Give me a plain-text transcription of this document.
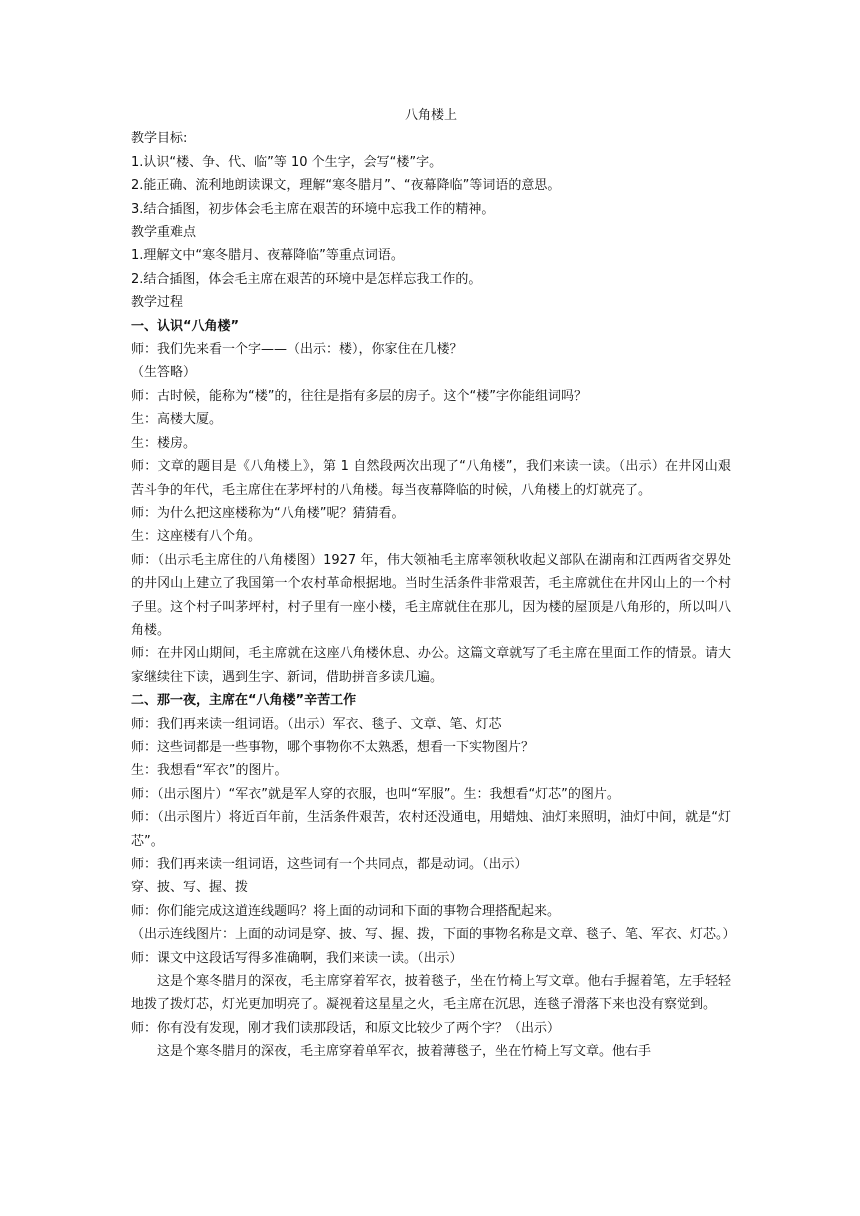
八角楼上
教学目标:
1.认识“楼、争、代、临”等 10 个生字，会写“楼”字。
2.能正确、流利地朗读课文，理解“寒冬腊月”、“夜幕降临”等词语的意思。
3.结合插图，初步体会毛主席在艰苦的环境中忘我工作的精神。
教学重难点
1.理解文中“寒冬腊月、夜幕降临”等重点词语。
2.结合插图，体会毛主席在艰苦的环境中是怎样忘我工作的。
教学过程
一、认识“八角楼”
师：我们先来看一个字——（出示：楼），你家住在几楼？
（生答略）
师：古时候，能称为“楼”的，往往是指有多层的房子。这个“楼”字你能组词吗？
生：高楼大厦。
生：楼房。
师：文章的题目是《八角楼上》，第 1 自然段两次出现了“八角楼”，我们来读一读。（出示）在井冈山艰苦斗争的年代，毛主席住在茅坪村的八角楼。每当夜幕降临的时候，八角楼上的灯就亮了。
师：为什么把这座楼称为“八角楼”呢？猜猜看。
生：这座楼有八个角。
师：（出示毛主席住的八角楼图）1927 年，伟大领袖毛主席率领秋收起义部队在湖南和江西两省交界处的井冈山上建立了我国第一个农村革命根据地。当时生活条件非常艰苦，毛主席就住在井冈山上的一个村子里。这个村子叫茅坪村，村子里有一座小楼，毛主席就住在那儿，因为楼的屋顶是八角形的，所以叫八角楼。
师：在井冈山期间，毛主席就在这座八角楼休息、办公。这篇文章就写了毛主席在里面工作的情景。请大家继续往下读，遇到生字、新词，借助拼音多读几遍。
二、那一夜，主席在“八角楼”辛苦工作
师：我们再来读一组词语。（出示）军衣、毯子、文章、笔、灯芯
师：这些词都是一些事物，哪个事物你不太熟悉，想看一下实物图片？
生：我想看“军衣”的图片。
师：（出示图片）“军衣”就是军人穿的衣服，也叫“军服”。生：我想看“灯芯”的图片。
师：（出示图片）将近百年前，生活条件艰苦，农村还没通电，用蜡烛、油灯来照明，油灯中间，就是“灯芯”。
师：我们再来读一组词语，这些词有一个共同点，都是动词。（出示）
穿、披、写、握、拨
师：你们能完成这道连线题吗？将上面的动词和下面的事物合理搭配起来。
（出示连线图片：上面的动词是穿、披、写、握、拨，下面的事物名称是文章、毯子、笔、军衣、灯芯。）
师：课文中这段话写得多准确啊，我们来读一读。（出示）
这是个寒冬腊月的深夜，毛主席穿着军衣，披着毯子，坐在竹椅上写文章。他右手握着笔，左手轻轻地拨了拨灯芯，灯光更加明亮了。凝视着这星星之火，毛主席在沉思，连毯子滑落下来也没有察觉到。
师：你有没有发现，刚才我们读那段话，和原文比较少了两个字？（出示）
这是个寒冬腊月的深夜，毛主席穿着单军衣，披着薄毯子，坐在竹椅上写文章。他右手
